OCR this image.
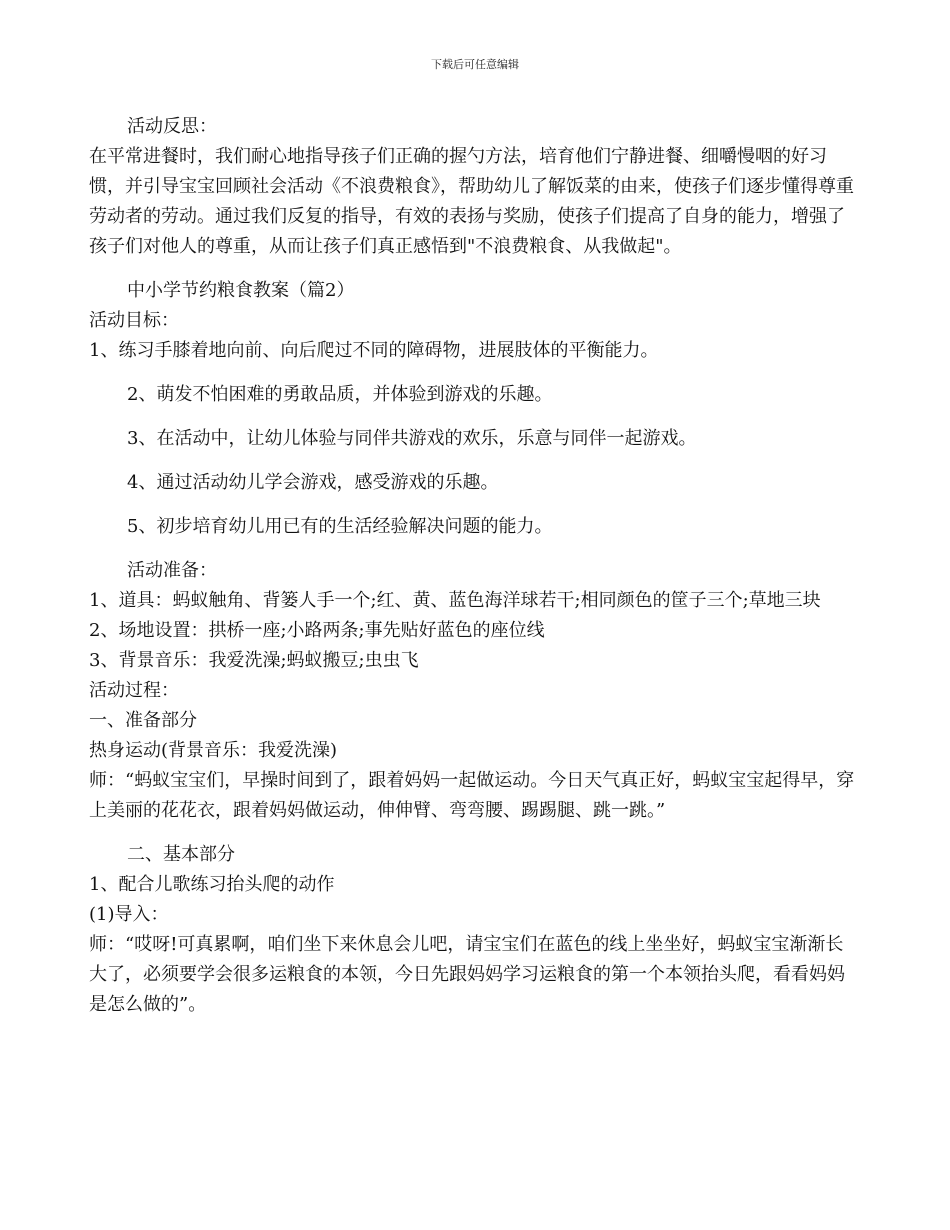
下载后可任意编辑

活动反思：

在平常进餐时，我们耐心地指导孩子们正确的握勺方法，培育他们宁静进餐、细嚼慢咽的好习惯，并引导宝宝回顾社会活动《不浪费粮食》，帮助幼儿了解饭菜的由来，使孩子们逐步懂得尊重劳动者的劳动。通过我们反复的指导，有效的表扬与奖励，使孩子们提高了自身的能力，增强了孩子们对他人的尊重，从而让孩子们真正感悟到"不浪费粮食、从我做起"。

中小学节约粮食教案（篇2）

活动目标：

1、练习手膝着地向前、向后爬过不同的障碍物，进展肢体的平衡能力。

2、萌发不怕困难的勇敢品质，并体验到游戏的乐趣。

3、在活动中，让幼儿体验与同伴共游戏的欢乐，乐意与同伴一起游戏。

4、通过活动幼儿学会游戏，感受游戏的乐趣。

5、初步培育幼儿用已有的生活经验解决问题的能力。

活动准备：

1、道具：蚂蚁触角、背篓人手一个;红、黄、蓝色海洋球若干;相同颜色的筐子三个;草地三块

2、场地设置：拱桥一座;小路两条;事先贴好蓝色的座位线

3、背景音乐：我爱洗澡;蚂蚁搬豆;虫虫飞

活动过程：

一、准备部分

热身运动(背景音乐：我爱洗澡)

师：“蚂蚁宝宝们，早操时间到了，跟着妈妈一起做运动。今日天气真正好，蚂蚁宝宝起得早，穿上美丽的花花衣，跟着妈妈做运动，伸伸臂、弯弯腰、踢踢腿、跳一跳。”

二、基本部分

1、配合儿歌练习抬头爬的动作

(1)导入：

师：“哎呀!可真累啊，咱们坐下来休息会儿吧，请宝宝们在蓝色的线上坐坐好，蚂蚁宝宝渐渐长大了，必须要学会很多运粮食的本领，今日先跟妈妈学习运粮食的第一个本领抬头爬，看看妈妈是怎么做的”。
